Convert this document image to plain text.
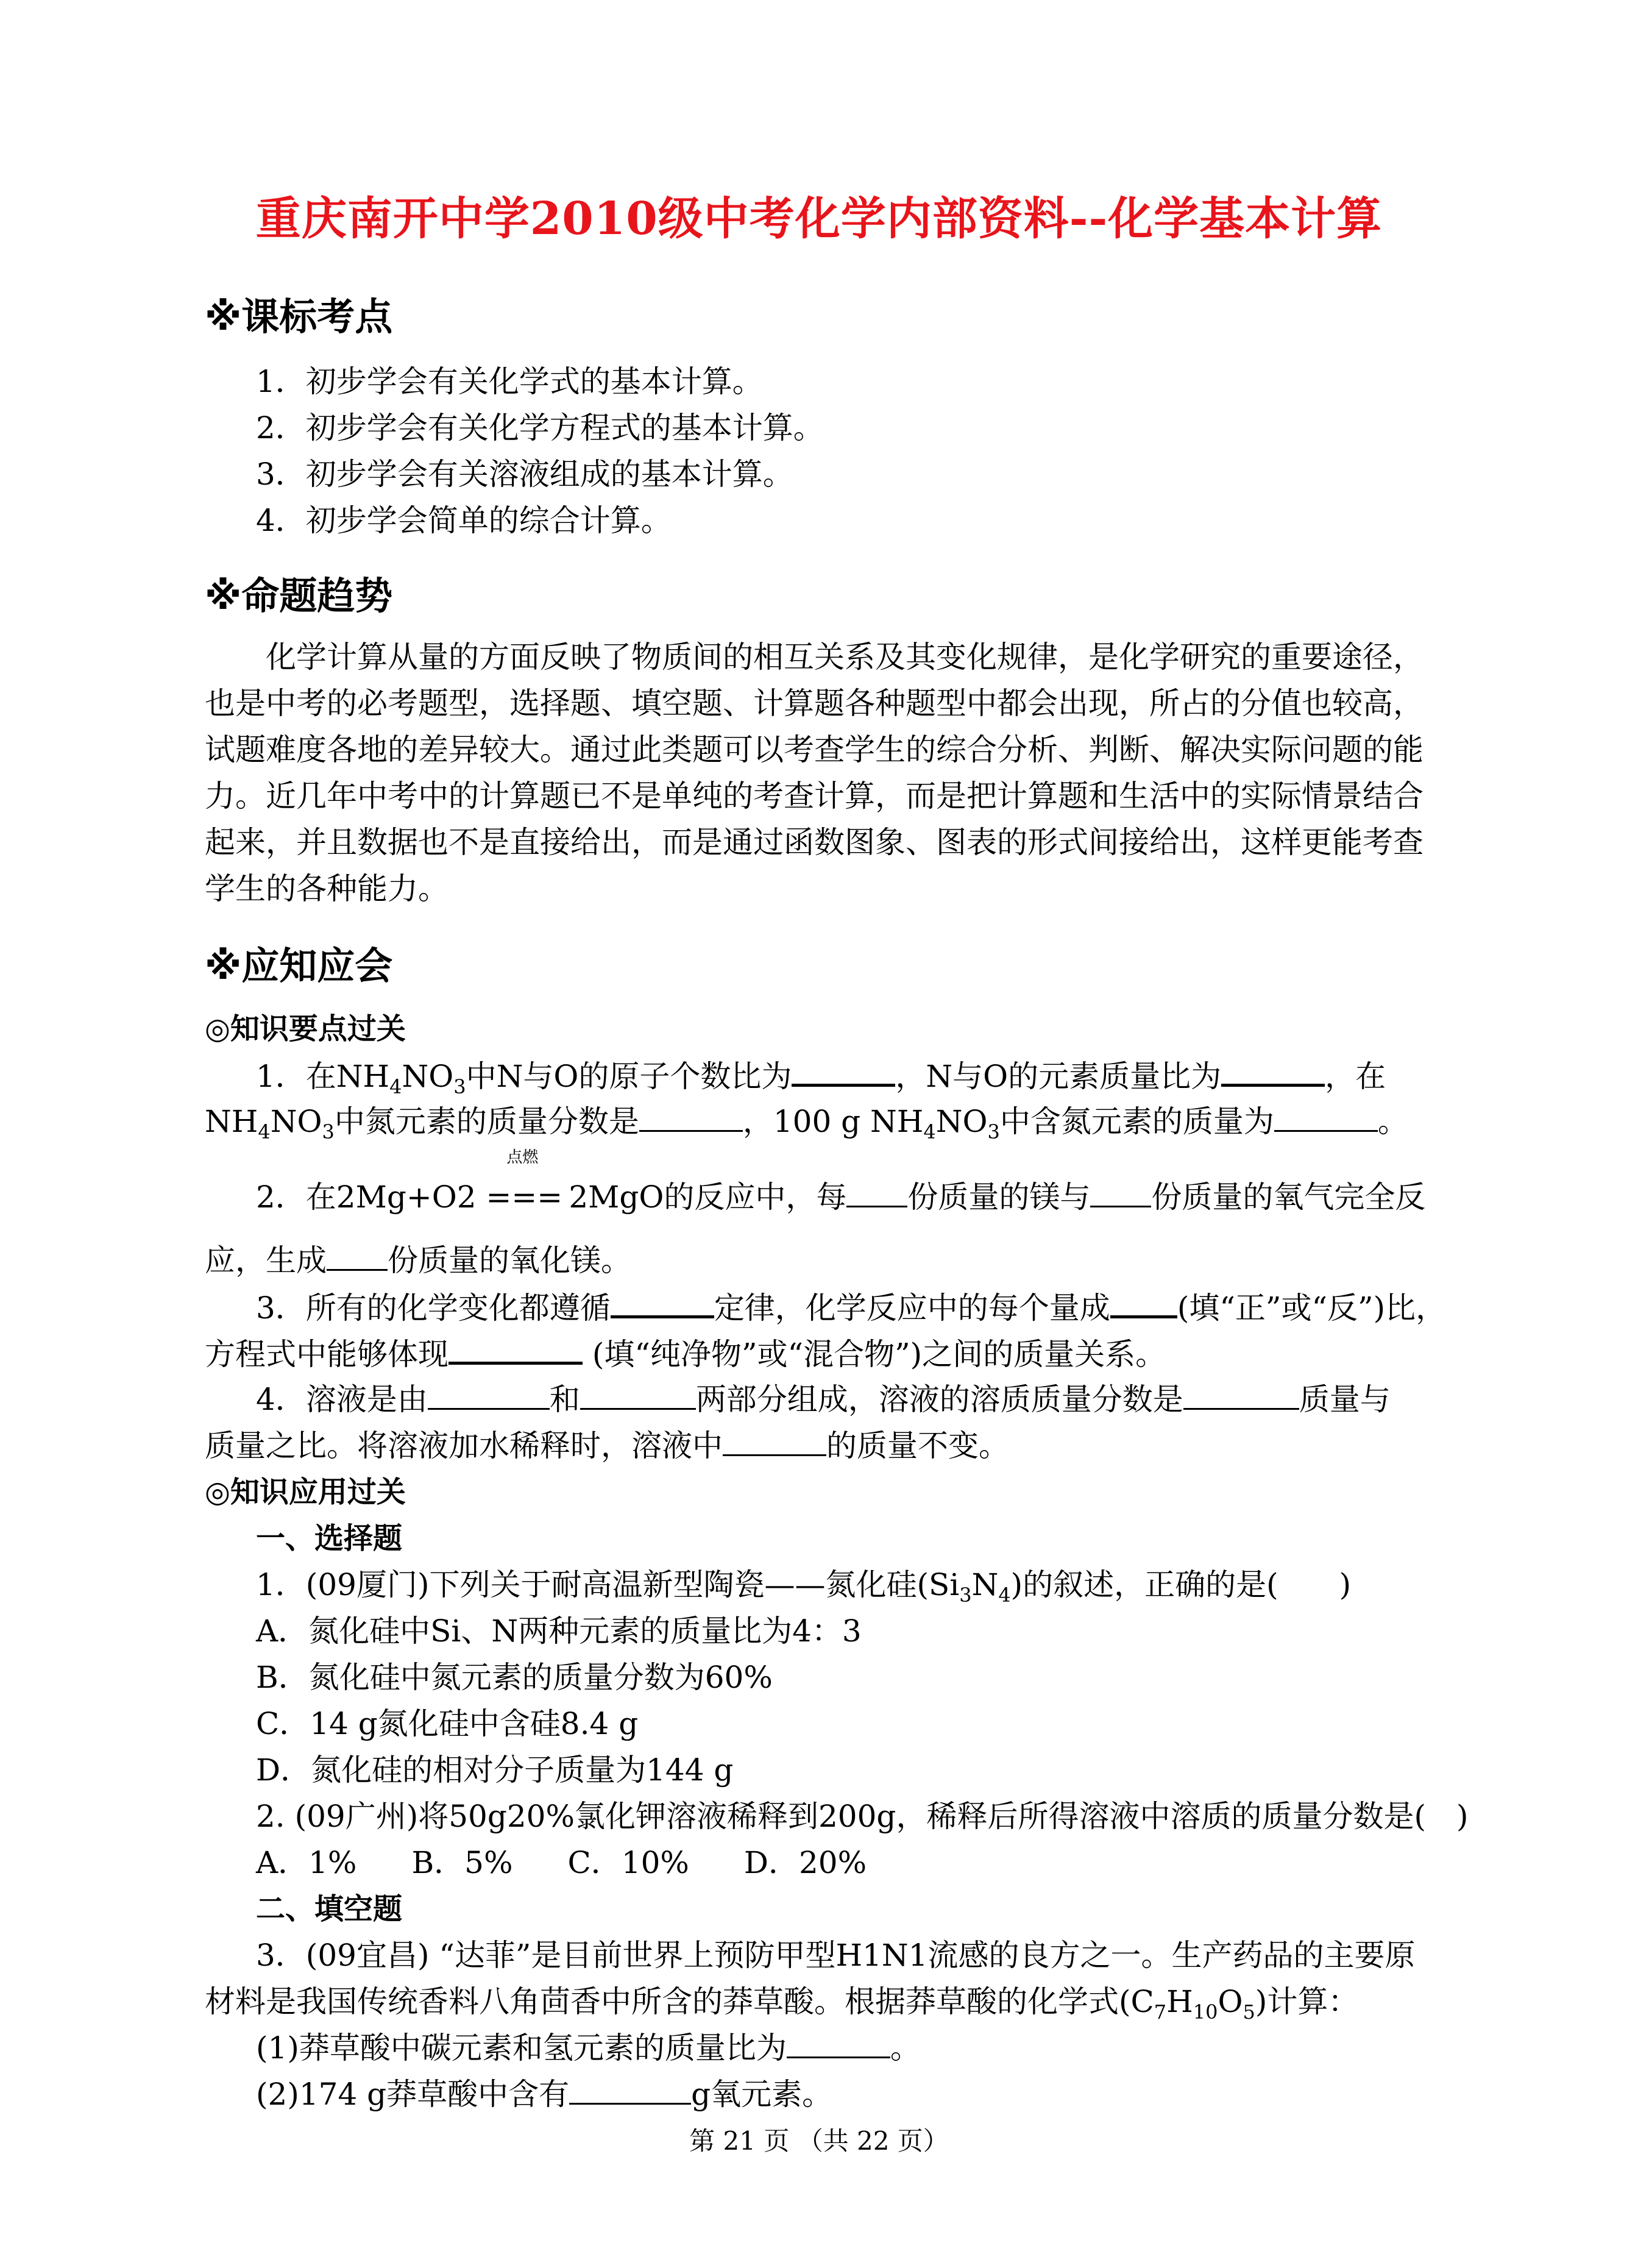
重庆南开中学2010级中考化学内部资料--化学基本计算
※课标考点
1．初步学会有关化学式的基本计算。
2．初步学会有关化学方程式的基本计算。
3．初步学会有关溶液组成的基本计算。
4．初步学会简单的综合计算。
※命题趋势
化学计算从量的方面反映了物质间的相互关系及其变化规律，是化学研究的重要途径，也是中考的必考题型，选择题、填空题、计算题各种题型中都会出现，所占的分值也较高，试题难度各地的差异较大。通过此类题可以考查学生的综合分析、判断、解决实际问题的能力。近几年中考中的计算题已不是单纯的考查计算，而是把计算题和生活中的实际情景结合起来，并且数据也不是直接给出，而是通过函数图象、图表的形式间接给出，这样更能考查学生的各种能力。
※应知应会
◎知识要点过关
1．在$NH_4NO_3$中N与O的原子个数比为	，N与O的元素质量比为	，在
$NH_4NO_3$中氮元素的质量分数是	，100 g $NH_4NO_3$中含氮元素的质量为	。
2．在2Mg+O2
点燃
=== 2MgO的反应中，每 份质量的镁与 份质量的氧气完全反
应，生成 份质量的氧化镁。
3．所有的化学变化都遵循	定律，化学反应中的每个量成 (填“正”或“反”)比，
方程式中能够体现	(填“纯净物”或“混合物”)之间的质量关系。
4．溶液是由	和	两部分组成，溶液的溶质质量分数是	质量与
质量之比。将溶液加水稀释时，溶液中	的质量不变。
◎知识应用过关
一、选择题
1．(09厦门)下列关于耐高温新型陶瓷——氮化硅$(Si_3N_4)$的叙述，正确的是(　　)
A．氮化硅中Si、N两种元素的质量比为4：3
B．氮化硅中氮元素的质量分数为60%
C．14 g氮化硅中含硅8.4 g
D．氮化硅的相对分子质量为144 g
2. (09广州)将50g20%氯化钾溶液稀释到200g，稀释后所得溶液中溶质的质量分数是(　)
A．1% B．5% C．10% D．20%
二、填空题
3．(09宜昌) “达菲”是目前世界上预防甲型H1N1流感的良方之一。生产药品的主要原
材料是我国传统香料八角茴香中所含的莽草酸。根据莽草酸的化学式$(C_7H_{10}O_5)$计算：
(1)莽草酸中碳元素和氢元素的质量比为	。
(2)174 g莽草酸中含有	g氧元素。
第 21 页 （共 22 页）
